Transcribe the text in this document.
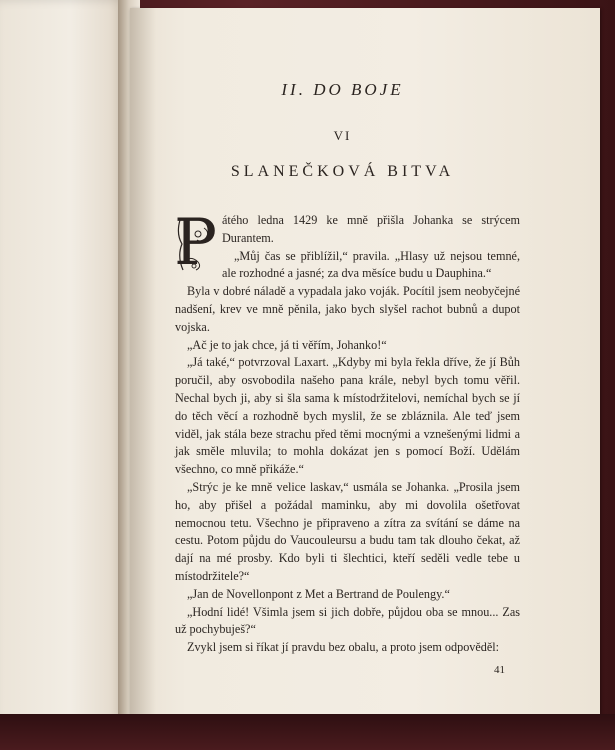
II. DO BOJE
VI
SLANEČKOVÁ BITVA

P átého ledna 1429 ke mně přišla Johanka se strýcem Durantem.

„Můj čas se přiblížil,“ pravila. „Hlasy už nejsou temné, ale rozhodné a jasné; za dva měsíce budu u Dauphina.“

Byla v dobré náladě a vypadala jako voják. Pocítil jsem neobyčejné nadšení, krev ve mně pěnila, jako bych slyšel rachot bubnů a dupot vojska.

„Ač je to jak chce, já ti věřím, Johanko!“

„Já také,“ potvrzoval Laxart. „Kdyby mi byla řekla dříve, že jí Bůh poručil, aby osvobodila našeho pana krále, nebyl bych tomu věřil. Nechal bych ji, aby si šla sama k místodržitelovi, nemíchal bych se jí do těch věcí a rozhodně bych myslil, že se zbláznila. Ale teď jsem viděl, jak stála beze strachu před těmi mocnými a vznešenými lidmi a jak směle mluvila; to mohla dokázat jen s pomocí Boží. Udělám všechno, co mně přikáže.“

„Strýc je ke mně velice laskav,“ usmála se Johanka. „Prosila jsem ho, aby přišel a požádal maminku, aby mi dovolila ošetřovat nemocnou tetu. Všechno je připraveno a zítra za svítání se dáme na cestu. Potom půjdu do Vaucouleursu a budu tam tak dlouho čekat, až dají na mé prosby. Kdo byli ti šlechtici, kteří seděli vedle tebe u místodržitele?“

„Jan de Novellonpont z Met a Bertrand de Poulengy.“

„Hodní lidé! Všimla jsem si jich dobře, půjdou oba se mnou... Zas už pochybuješ?“

Zvykl jsem si říkat jí pravdu bez obalu, a proto jsem odpověděl:

41
